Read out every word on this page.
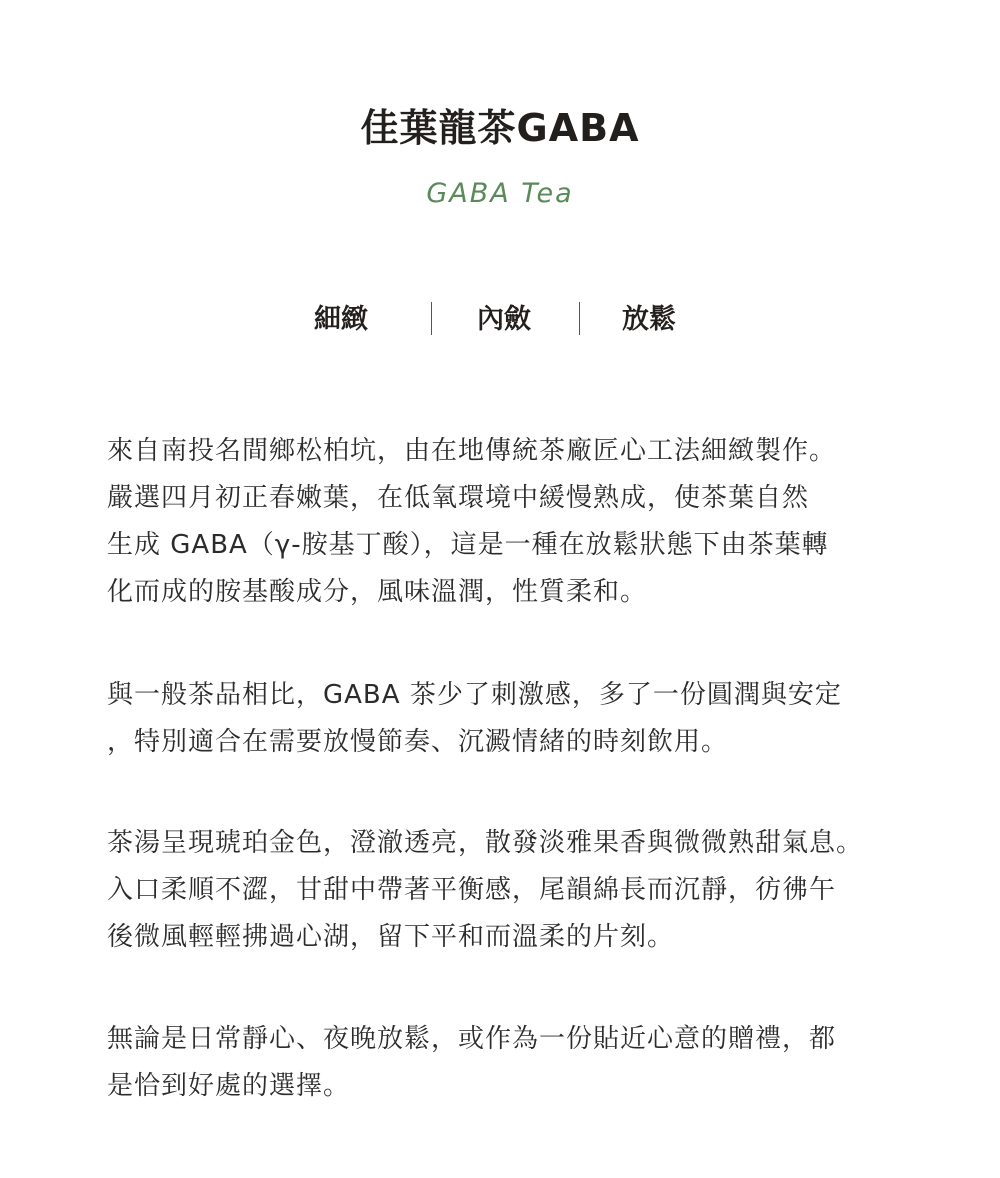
佳葉龍茶GABA
GABA Tea
細緻	內斂	放鬆
來自南投名間鄉松柏坑，由在地傳統茶廠匠心工法細緻製作。
嚴選四月初正春嫩葉，在低氧環境中緩慢熟成，使茶葉自然
生成 GABA（γ-胺基丁酸），這是一種在放鬆狀態下由茶葉轉
化而成的胺基酸成分，風味溫潤，性質柔和。
與一般茶品相比，GABA 茶少了刺激感，多了一份圓潤與安定
，特別適合在需要放慢節奏、沉澱情緒的時刻飲用。
茶湯呈現琥珀金色，澄澈透亮，散發淡雅果香與微微熟甜氣息。
入口柔順不澀，甘甜中帶著平衡感，尾韻綿長而沉靜，彷彿午
後微風輕輕拂過心湖，留下平和而溫柔的片刻。
無論是日常靜心、夜晚放鬆，或作為一份貼近心意的贈禮，都
是恰到好處的選擇。
